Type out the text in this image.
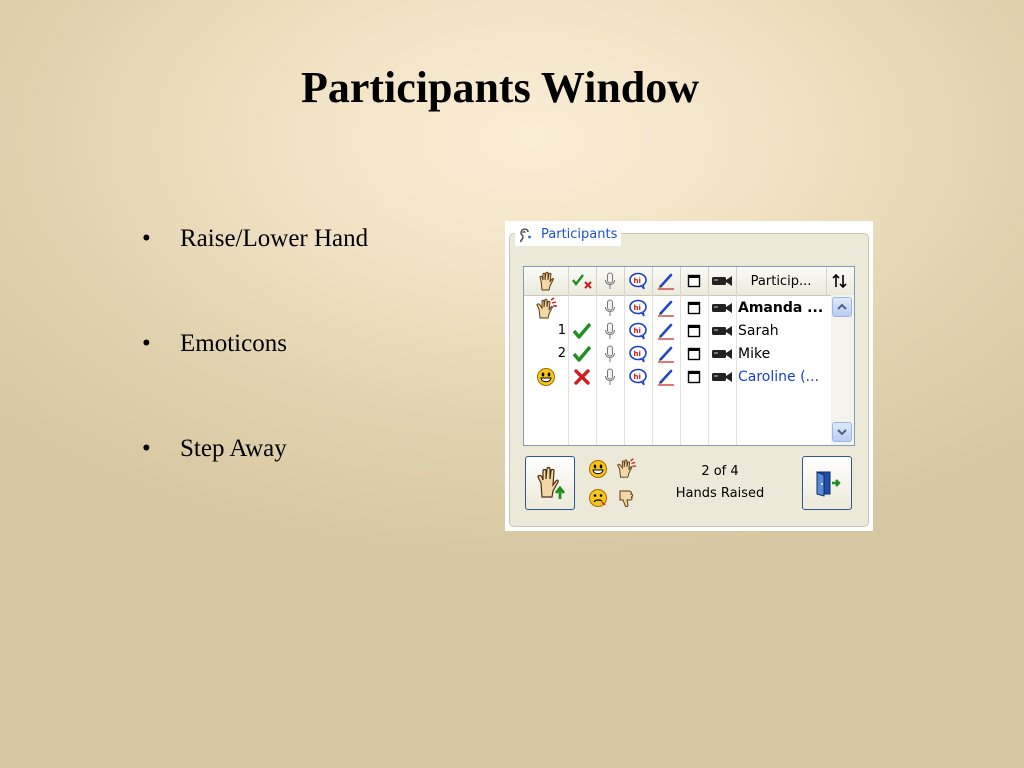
Participants Window
• Raise/Lower Hand
• Emoticons
• Step Away
Participants
hi	Particip...
hi	Amanda ...
1	hi	Sarah
2	hi	Mike
hi	Caroline (...
2 of 4
Hands Raised
